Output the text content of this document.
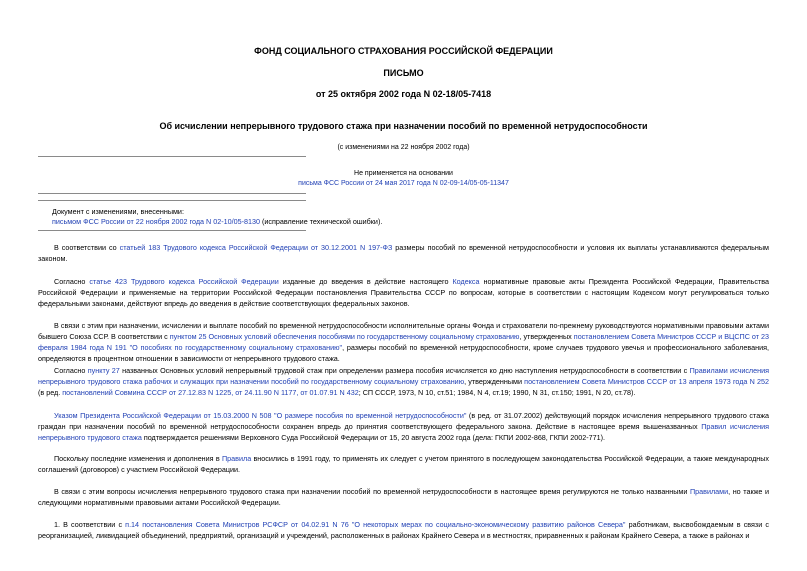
ФОНД СОЦИАЛЬНОГО СТРАХОВАНИЯ РОССИЙСКОЙ ФЕДЕРАЦИИ
ПИСЬМО
от 25 октября 2002 года N 02-18/05-7418
Об исчислении непрерывного трудового стажа при назначении пособий по временной нетрудоспособности
(с изменениями на 22 ноября 2002 года)
Не применяется на основании
письма ФСС России от 24 мая 2017 года N 02-09-14/05-05-11347
Документ с изменениями, внесенными:
письмом ФСС России от 22 ноября 2002 года N 02-10/05-8130 (исправление технической ошибки).

В соответствии со статьей 183 Трудового кодекса Российской Федерации от 30.12.2001 N 197-ФЗ размеры пособий по временной нетрудоспособности и условия их выплаты устанавливаются федеральным законом.

Согласно статье 423 Трудового кодекса Российской Федерации изданные до введения в действие настоящего Кодекса нормативные правовые акты Президента Российской Федерации, Правительства Российской Федерации и применяемые на территории Российской Федерации постановления Правительства СССР по вопросам, которые в соответствии с настоящим Кодексом могут регулироваться только федеральными законами, действуют впредь до введения в действие соответствующих федеральных законов.

В связи с этим при назначении, исчислении и выплате пособий по временной нетрудоспособности исполнительные органы Фонда и страхователи по-прежнему руководствуются нормативными правовыми актами бывшего Союза ССР. В соответствии с пунктом 25 Основных условий обеспечения пособиями по государственному социальному страхованию, утвержденных постановлением Совета Министров СССР и ВЦСПС от 23 февраля 1984 года N 191 "О пособиях по государственному социальному страхованию", размеры пособий по временной нетрудоспособности, кроме случаев трудового увечья и профессионального заболевания, определяются в процентном отношении в зависимости от непрерывного трудового стажа.

Согласно пункту 27 названных Основных условий непрерывный трудовой стаж при определении размера пособия исчисляется ко дню наступления нетрудоспособности в соответствии с Правилами исчисления непрерывного трудового стажа рабочих и служащих при назначении пособий по государственному социальному страхованию, утвержденными постановлением Совета Министров СССР от 13 апреля 1973 года N 252 (в ред. постановлений Совмина СССР от 27.12.83 N 1225, от 24.11.90 N 1177, от 01.07.91 N 432; СП СССР, 1973, N 10, ст.51; 1984, N 4, ст.19; 1990, N 31, ст.150; 1991, N 20, ст.78).

Указом Президента Российской Федерации от 15.03.2000 N 508 "О размере пособия по временной нетрудоспособности" (в ред. от 31.07.2002) действующий порядок исчисления непрерывного трудового стажа граждан при назначении пособий по временной нетрудоспособности сохранен впредь до принятия соответствующего федерального закона. Действие в настоящее время вышеназванных Правил исчисления непрерывного трудового стажа подтверждается решениями Верховного Суда Российской Федерации от 15, 20 августа 2002 года (дела: ГКПИ 2002-868, ГКПИ 2002-771).

Поскольку последние изменения и дополнения в Правила вносились в 1991 году, то применять их следует с учетом принятого в последующем законодательства Российской Федерации, а также международных соглашений (договоров) с участием Российской Федерации.

В связи с этим вопросы исчисления непрерывного трудового стажа при назначении пособий по временной нетрудоспособности в настоящее время регулируются не только названными Правилами, но также и следующими нормативными правовыми актами Российской Федерации.

1. В соответствии с п.14 постановления Совета Министров РСФСР от 04.02.91 N 76 "О некоторых мерах по социально-экономическому развитию районов Севера" работникам, высвобождаемым в связи с реорганизацией, ликвидацией объединений, предприятий, организаций и учреждений, расположенных в районах Крайнего Севера и в местностях, приравненных к районам Крайнего Севера, а также в районах и
